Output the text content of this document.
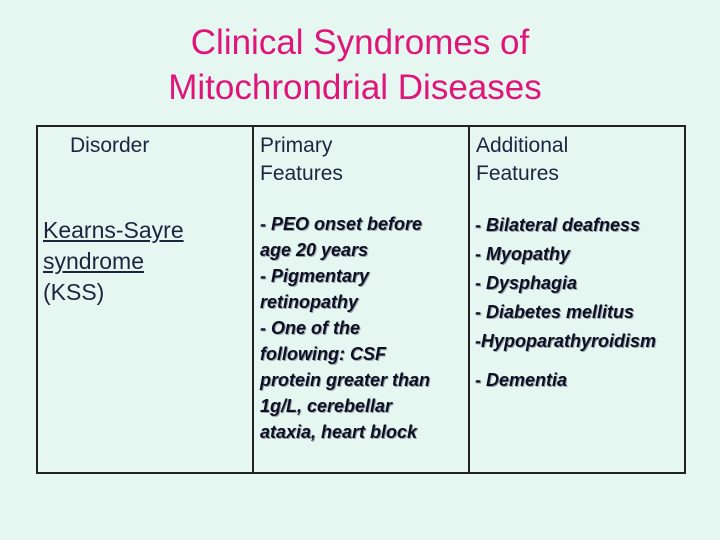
Clinical Syndromes of
Mitochrondrial Diseases
Disorder	Primary
Features
Additional
Features
Kearns-Sayre
syndrome
(KSS)
- PEO onset before
age 20 years
- Pigmentary
retinopathy
- One of the
following: CSF
protein greater than
1g/L, cerebellar
ataxia, heart block
- Bilateral deafness
- Myopathy
- Dysphagia
- Diabetes mellitus
-Hypoparathyroidism
- Dementia
